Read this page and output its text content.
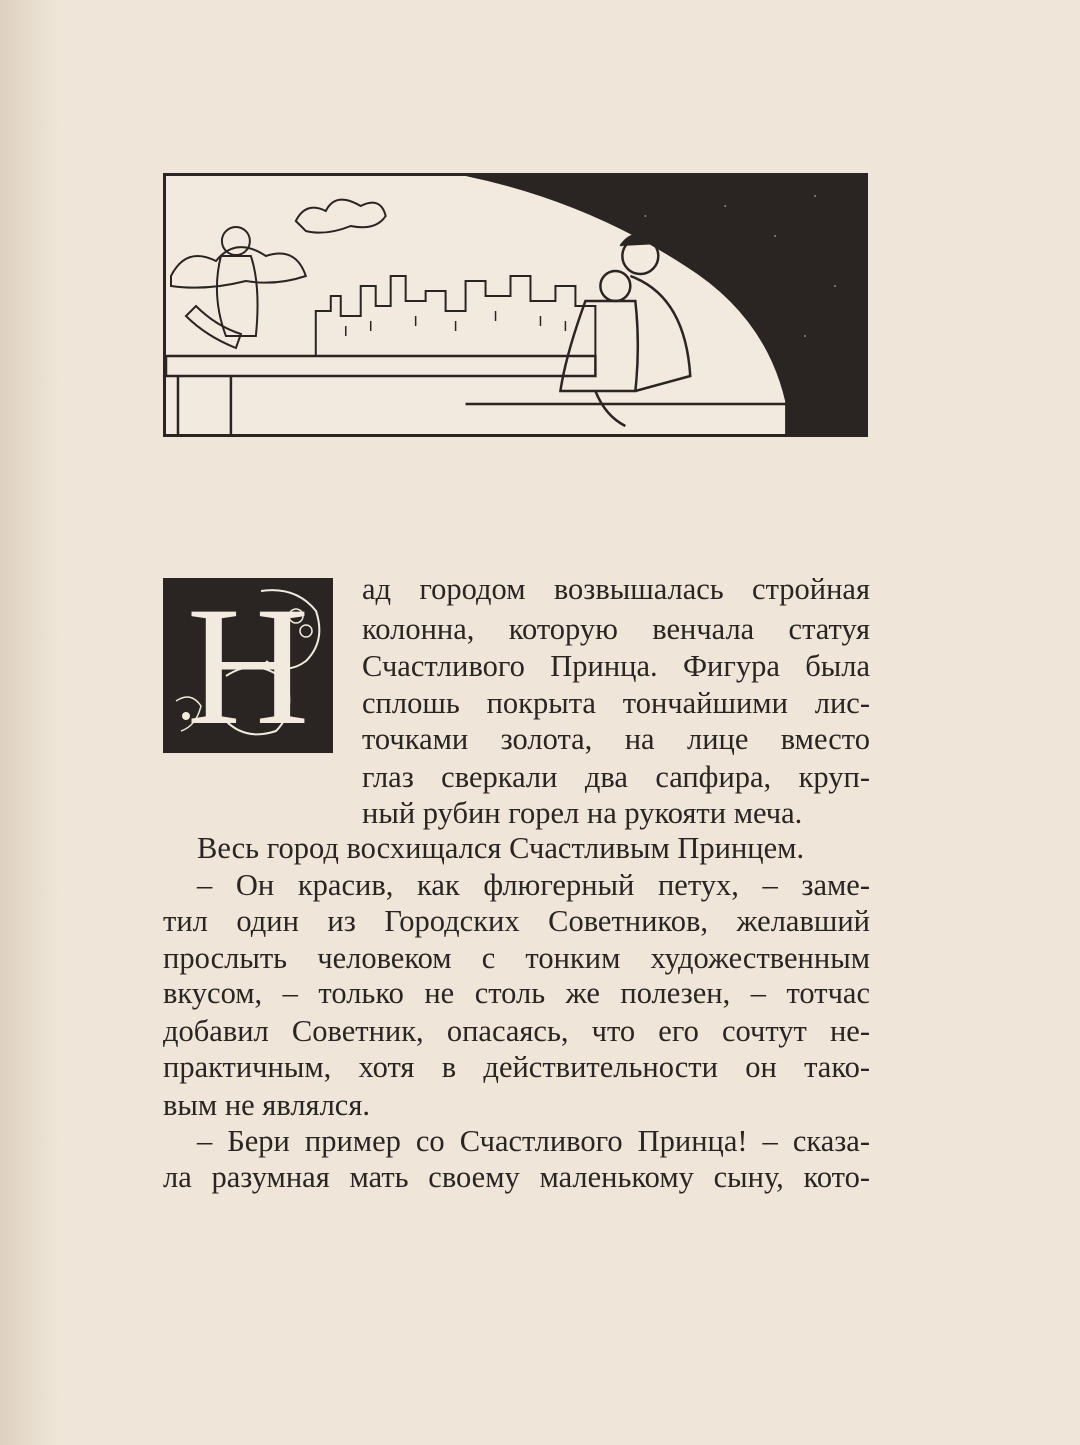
Н	ад городом возвышалась стройная
колонна, которую венчала статуя
Счастливого Принца. Фигура была
сплошь покрыта тончайшими лис-
точками золота, на лице вместо
глаз сверкали два сапфира, круп-
ный рубин горел на рукояти меча.
Весь город восхищался Счастливым Принцем.
– Он красив, как флюгерный петух, – заме-
тил один из Городских Советников, желавший
прослыть человеком с тонким художественным
вкусом, – только не столь же полезен, – тотчас
добавил Советник, опасаясь, что его сочтут не-
практичным, хотя в действительности он тако-
вым не являлся.
– Бери пример со Счастливого Принца! – сказа-
ла разумная мать своему маленькому сыну, кото-
